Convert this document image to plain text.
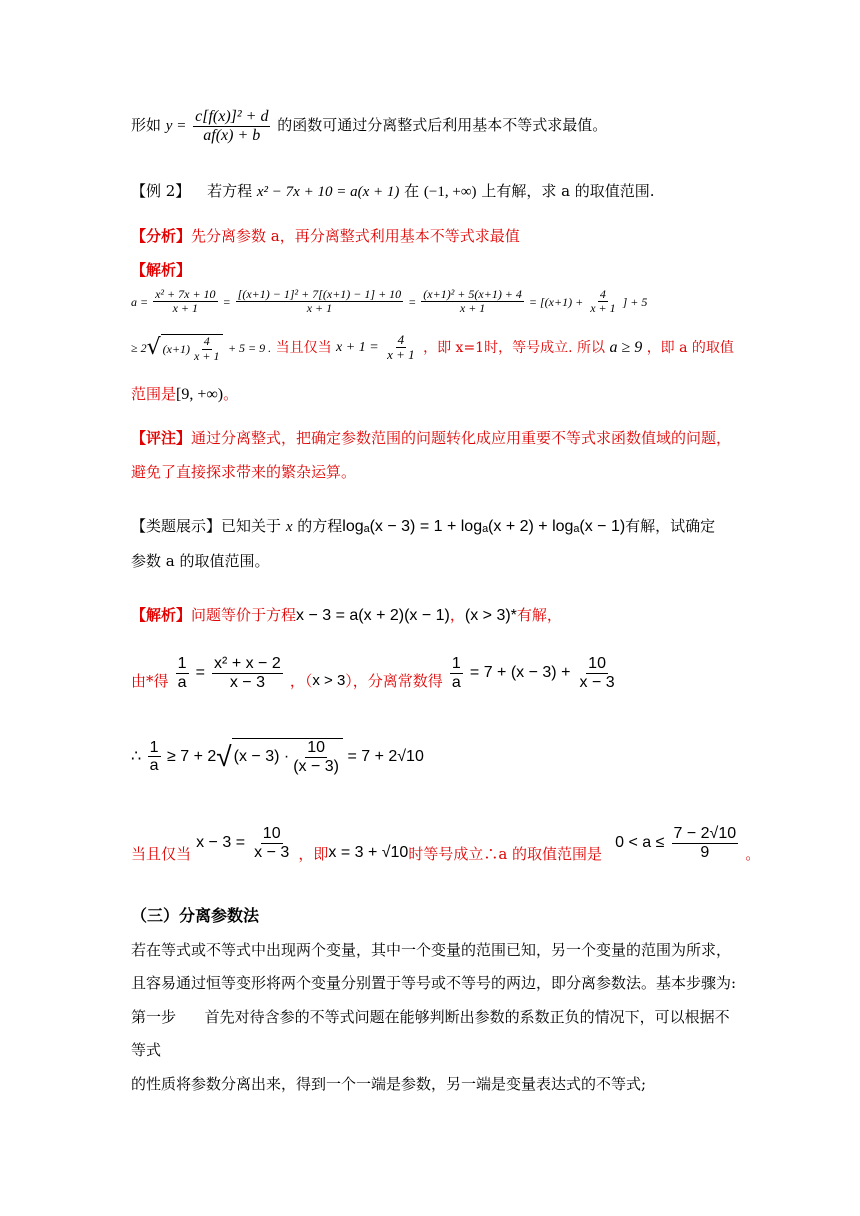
形如 $y = \frac{\text{c[f(x)]² + d}}{af(x) + b}$ 的函数可通过分离整式后利用基本不等式求最值。
【例 2】 若方程 x² − 7x + 10 = a(x + 1) 在 (−1, +∞) 上有解，求 a 的取值范围.
【分析】先分离参数 a，再分离整式利用基本不等式求最值
【解析】
$a = \frac{\text{x² + 7x + 10}}{x + 1} = \frac{\text{[(x+1) − 1]² + 7[(x+1) − 1] + 10}}{x + 1} = \frac{\text{(x+1)² + 5(x+1) + 4}}{x + 1} = [(x+1) + \frac{4}{x + 1}$ ] + 5
≥ 2√ $(x+1) \frac{4}{x + 1} + 5 = 9$ . 当且仅当 $x + 1 = \frac{4}{x + 1}$ ，即 x=1时，等号成立. 所以 a ≥ 9 ，即 a 的取值
范围是[9, +∞)。
【评注】通过分离整式，把确定参数范围的问题转化成应用重要不等式求函数值域的问题，
避免了直接探求带来的繁杂运算。
【类题展示】已知关于 x 的方程logₐ(x − 3) = 1 + logₐ(x + 2) + logₐ(x − 1)有解，试确定
参数 a 的取值范围。
【解析】问题等价于方程x − 3 = a(x + 2)(x − 1)，(x > 3)*有解，
由*得 $\frac{1}{a} = \frac{\text{x² + x − 2}}{x - 3}$ ，（x > 3），分离常数得 $\frac{1}{a} = 7 + (x - 3) + \frac{10}{x - 3}$
∴ $\frac{1}{a} \ge 7 + 2√$ $(x - 3) \cdot \frac{10}{(x - 3)} = 7 + 2√10$
当且仅当 $x - 3 = \frac{10}{x - 3}$ ，即x = 3 + √10时等号成立∴a 的取值范围是 $0 < a \le \frac{7 - 2√10}{9}$ 。
（三）分离参数法
若在等式或不等式中出现两个变量，其中一个变量的范围已知，另一个变量的范围为所求，
且容易通过恒等变形将两个变量分别置于等号或不等号的两边，即分离参数法。基本步骤为:
第一步      首先对待含参的不等式问题在能够判断出参数的系数正负的情况下，可以根据不
等式
的性质将参数分离出来，得到一个一端是参数，另一端是变量表达式的不等式;
